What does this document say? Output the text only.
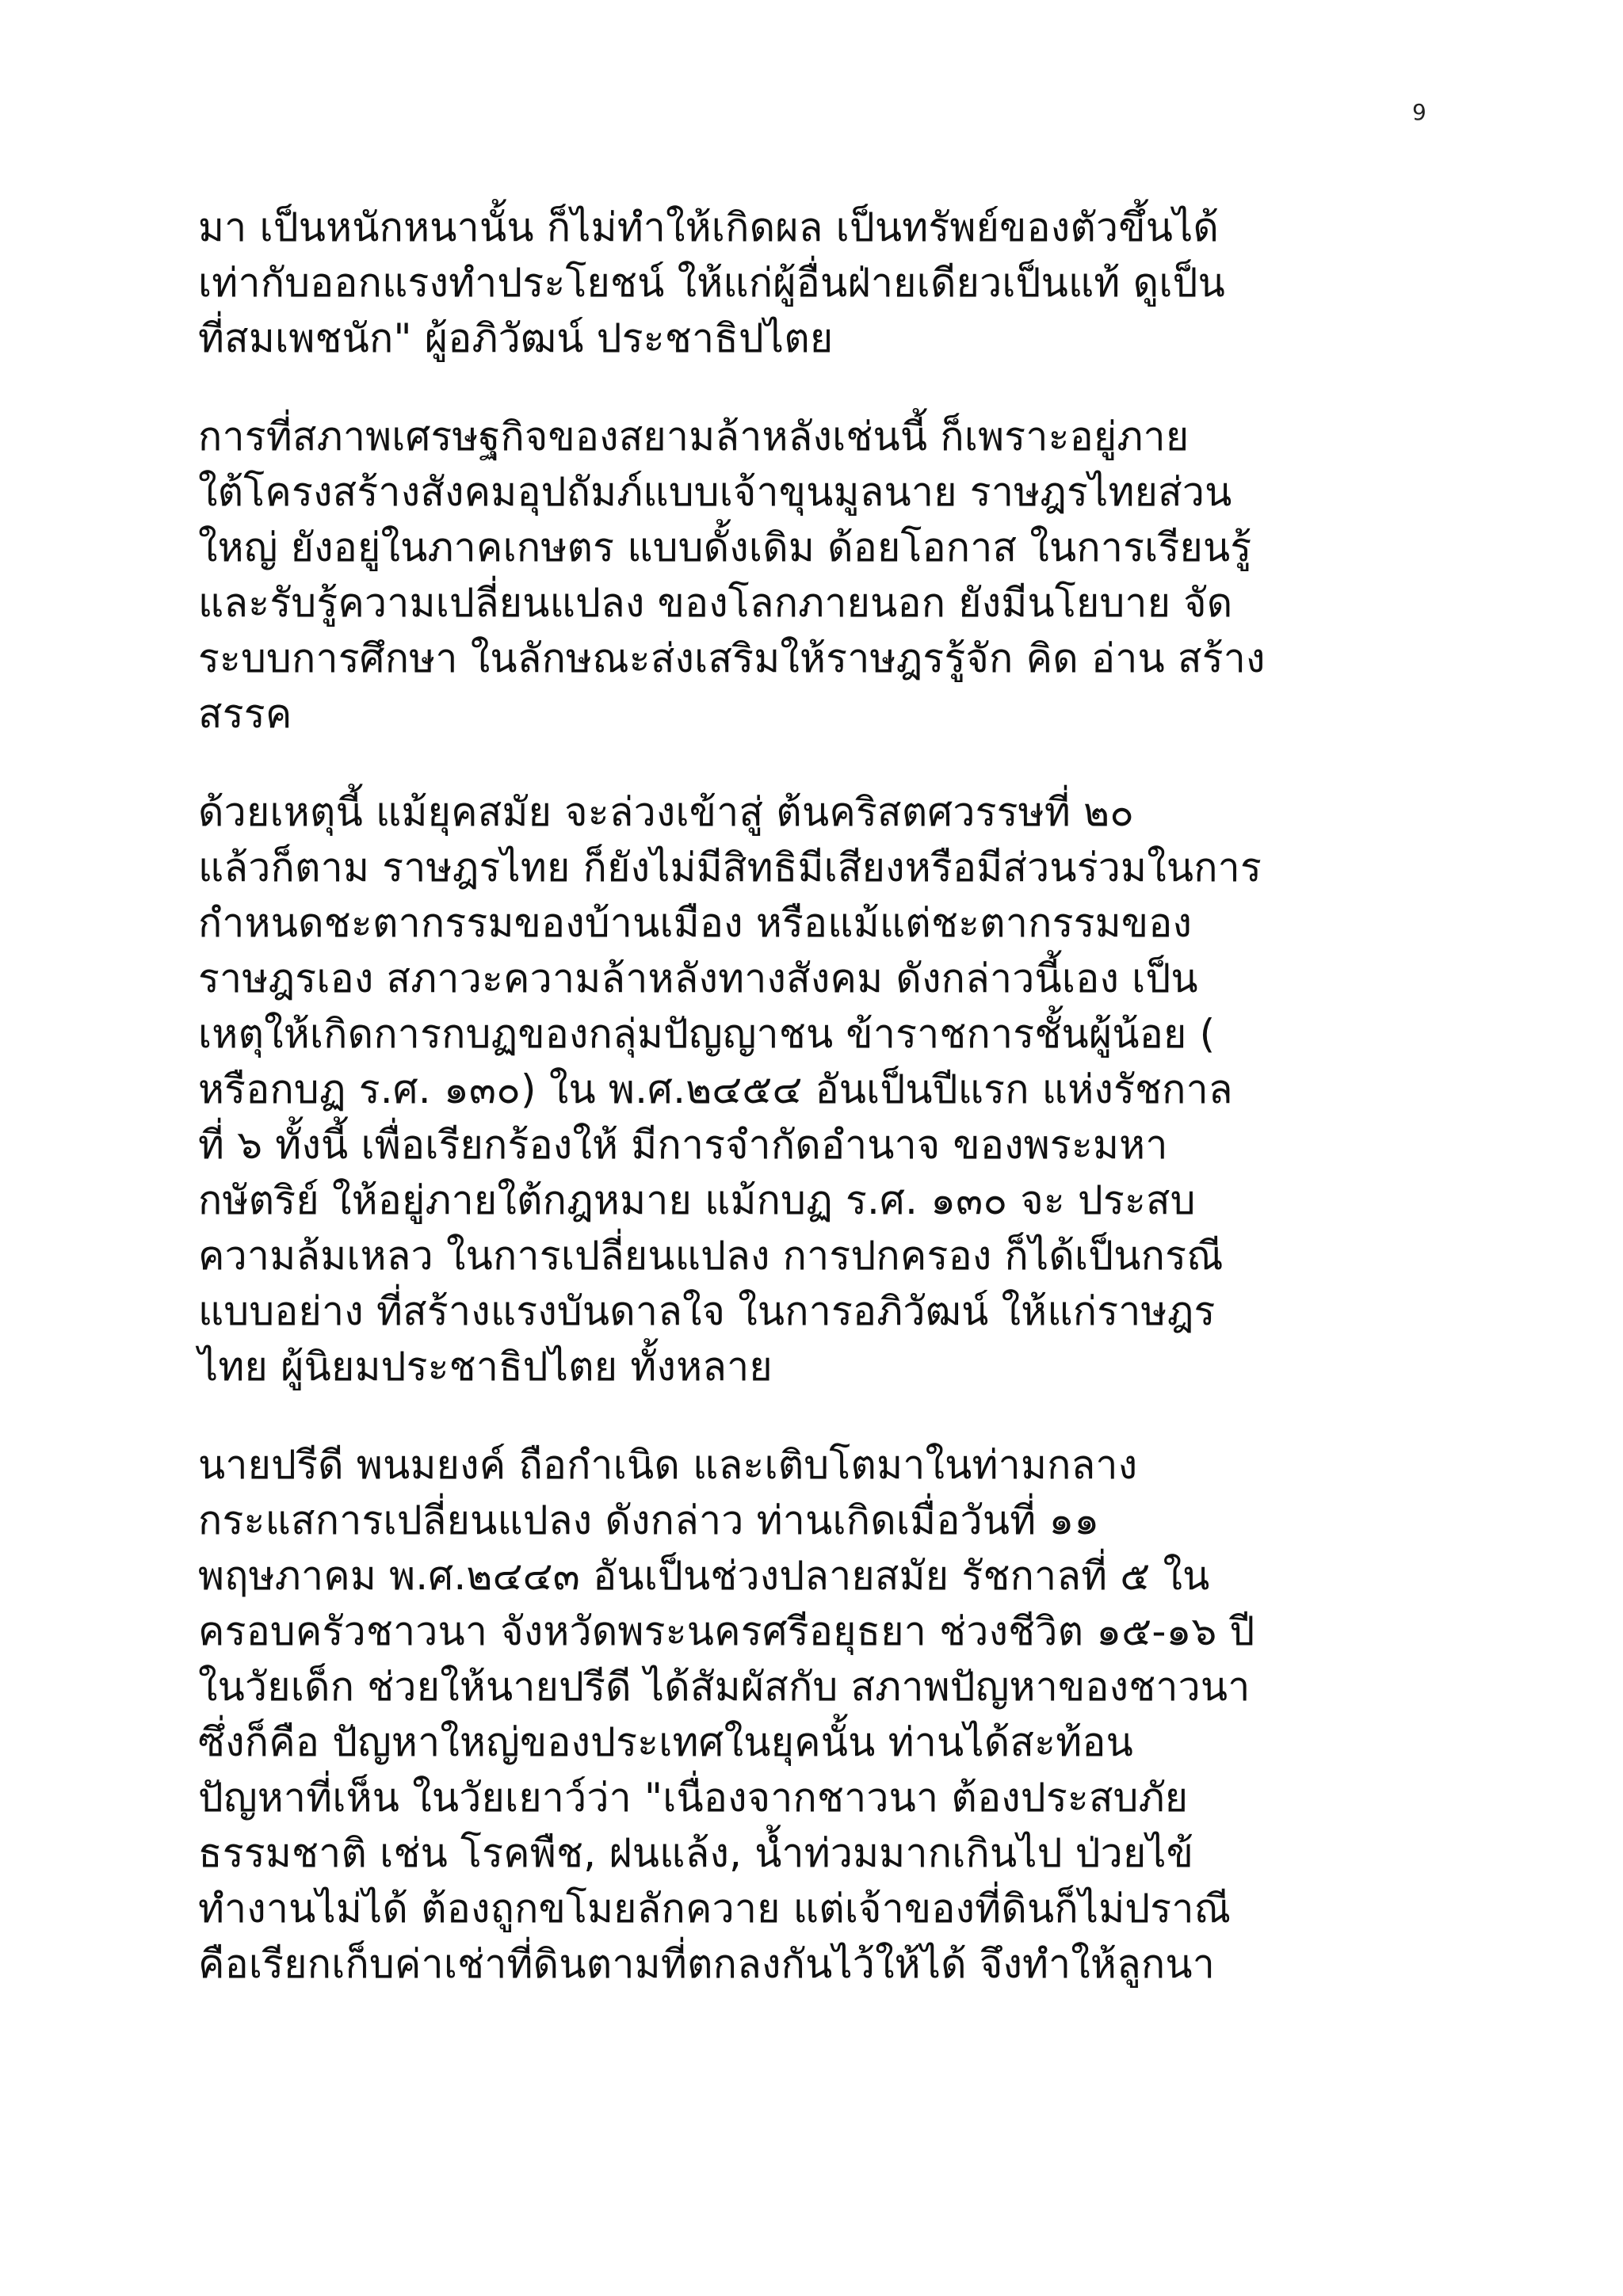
9

มา เป็นหนักหนานั้น ก็ไม่ทำให้เกิดผล เป็นทรัพย์ของตัวขึ้นได้
เท่ากับออกแรงทำประโยชน์ ให้แก่ผู้อื่นฝ่ายเดียวเป็นแท้ ดูเป็น
ที่สมเพชนัก" ผู้อภิวัฒน์ ประชาธิปไตย

การที่สภาพเศรษฐกิจของสยามล้าหลังเช่นนี้ ก็เพราะอยู่ภาย
ใต้โครงสร้างสังคมอุปถัมภ์แบบเจ้าขุนมูลนาย ราษฎรไทยส่วน
ใหญ่ ยังอยู่ในภาคเกษตร แบบดั้งเดิม ด้อยโอกาส ในการเรียนรู้
และรับรู้ความเปลี่ยนแปลง ของโลกภายนอก ยังมีนโยบาย จัด
ระบบการศึกษา ในลักษณะส่งเสริมให้ราษฎรรู้จัก คิด อ่าน สร้าง
สรรค

ด้วยเหตุนี้ แม้ยุคสมัย จะล่วงเข้าสู่ ต้นคริสตศวรรษที่ ๒๐
แล้วก็ตาม ราษฎรไทย ก็ยังไม่มีสิทธิมีเสียงหรือมีส่วนร่วมในการ
กำหนดชะตากรรมของบ้านเมือง หรือแม้แต่ชะตากรรมของ
ราษฎรเอง สภาวะความล้าหลังทางสังคม ดังกล่าวนี้เอง เป็น
เหตุให้เกิดการกบฏของกลุ่มปัญญาชน ข้าราชการชั้นผู้น้อย (
หรือกบฏ ร.ศ. ๑๓๐) ใน พ.ศ.๒๔๕๔ อันเป็นปีแรก แห่งรัชกาล
ที่ ๖ ทั้งนี้ เพื่อเรียกร้องให้ มีการจำกัดอำนาจ ของพระมหา
กษัตริย์ ให้อยู่ภายใต้กฎหมาย แม้กบฏ ร.ศ. ๑๓๐ จะ ประสบ
ความล้มเหลว ในการเปลี่ยนแปลง การปกครอง ก็ได้เป็นกรณี
แบบอย่าง ที่สร้างแรงบันดาลใจ ในการอภิวัฒน์ ให้แก่ราษฎร
ไทย ผู้นิยมประชาธิปไตย ทั้งหลาย

นายปรีดี พนมยงค์ ถือกำเนิด และเติบโตมาในท่ามกลาง
กระแสการเปลี่ยนแปลง ดังกล่าว ท่านเกิดเมื่อวันที่ ๑๑
พฤษภาคม พ.ศ.๒๔๔๓ อันเป็นช่วงปลายสมัย รัชกาลที่ ๕ ใน
ครอบครัวชาวนา จังหวัดพระนครศรีอยุธยา ช่วงชีวิต ๑๕-๑๖ ปี
ในวัยเด็ก ช่วยให้นายปรีดี ได้สัมผัสกับ สภาพปัญหาของชาวนา
ซึ่งก็คือ ปัญหาใหญ่ของประเทศในยุคนั้น ท่านได้สะท้อน
ปัญหาที่เห็น ในวัยเยาว์ว่า "เนื่องจากชาวนา ต้องประสบภัย
ธรรมชาติ เช่น โรคพืช, ฝนแล้ง, น้ำท่วมมากเกินไป ป่วยไข้
ทำงานไม่ได้ ต้องถูกขโมยลักควาย แต่เจ้าของที่ดินก็ไม่ปราณี
คือเรียกเก็บค่าเช่าที่ดินตามที่ตกลงกันไว้ให้ได้ จึงทำให้ลูกนา
